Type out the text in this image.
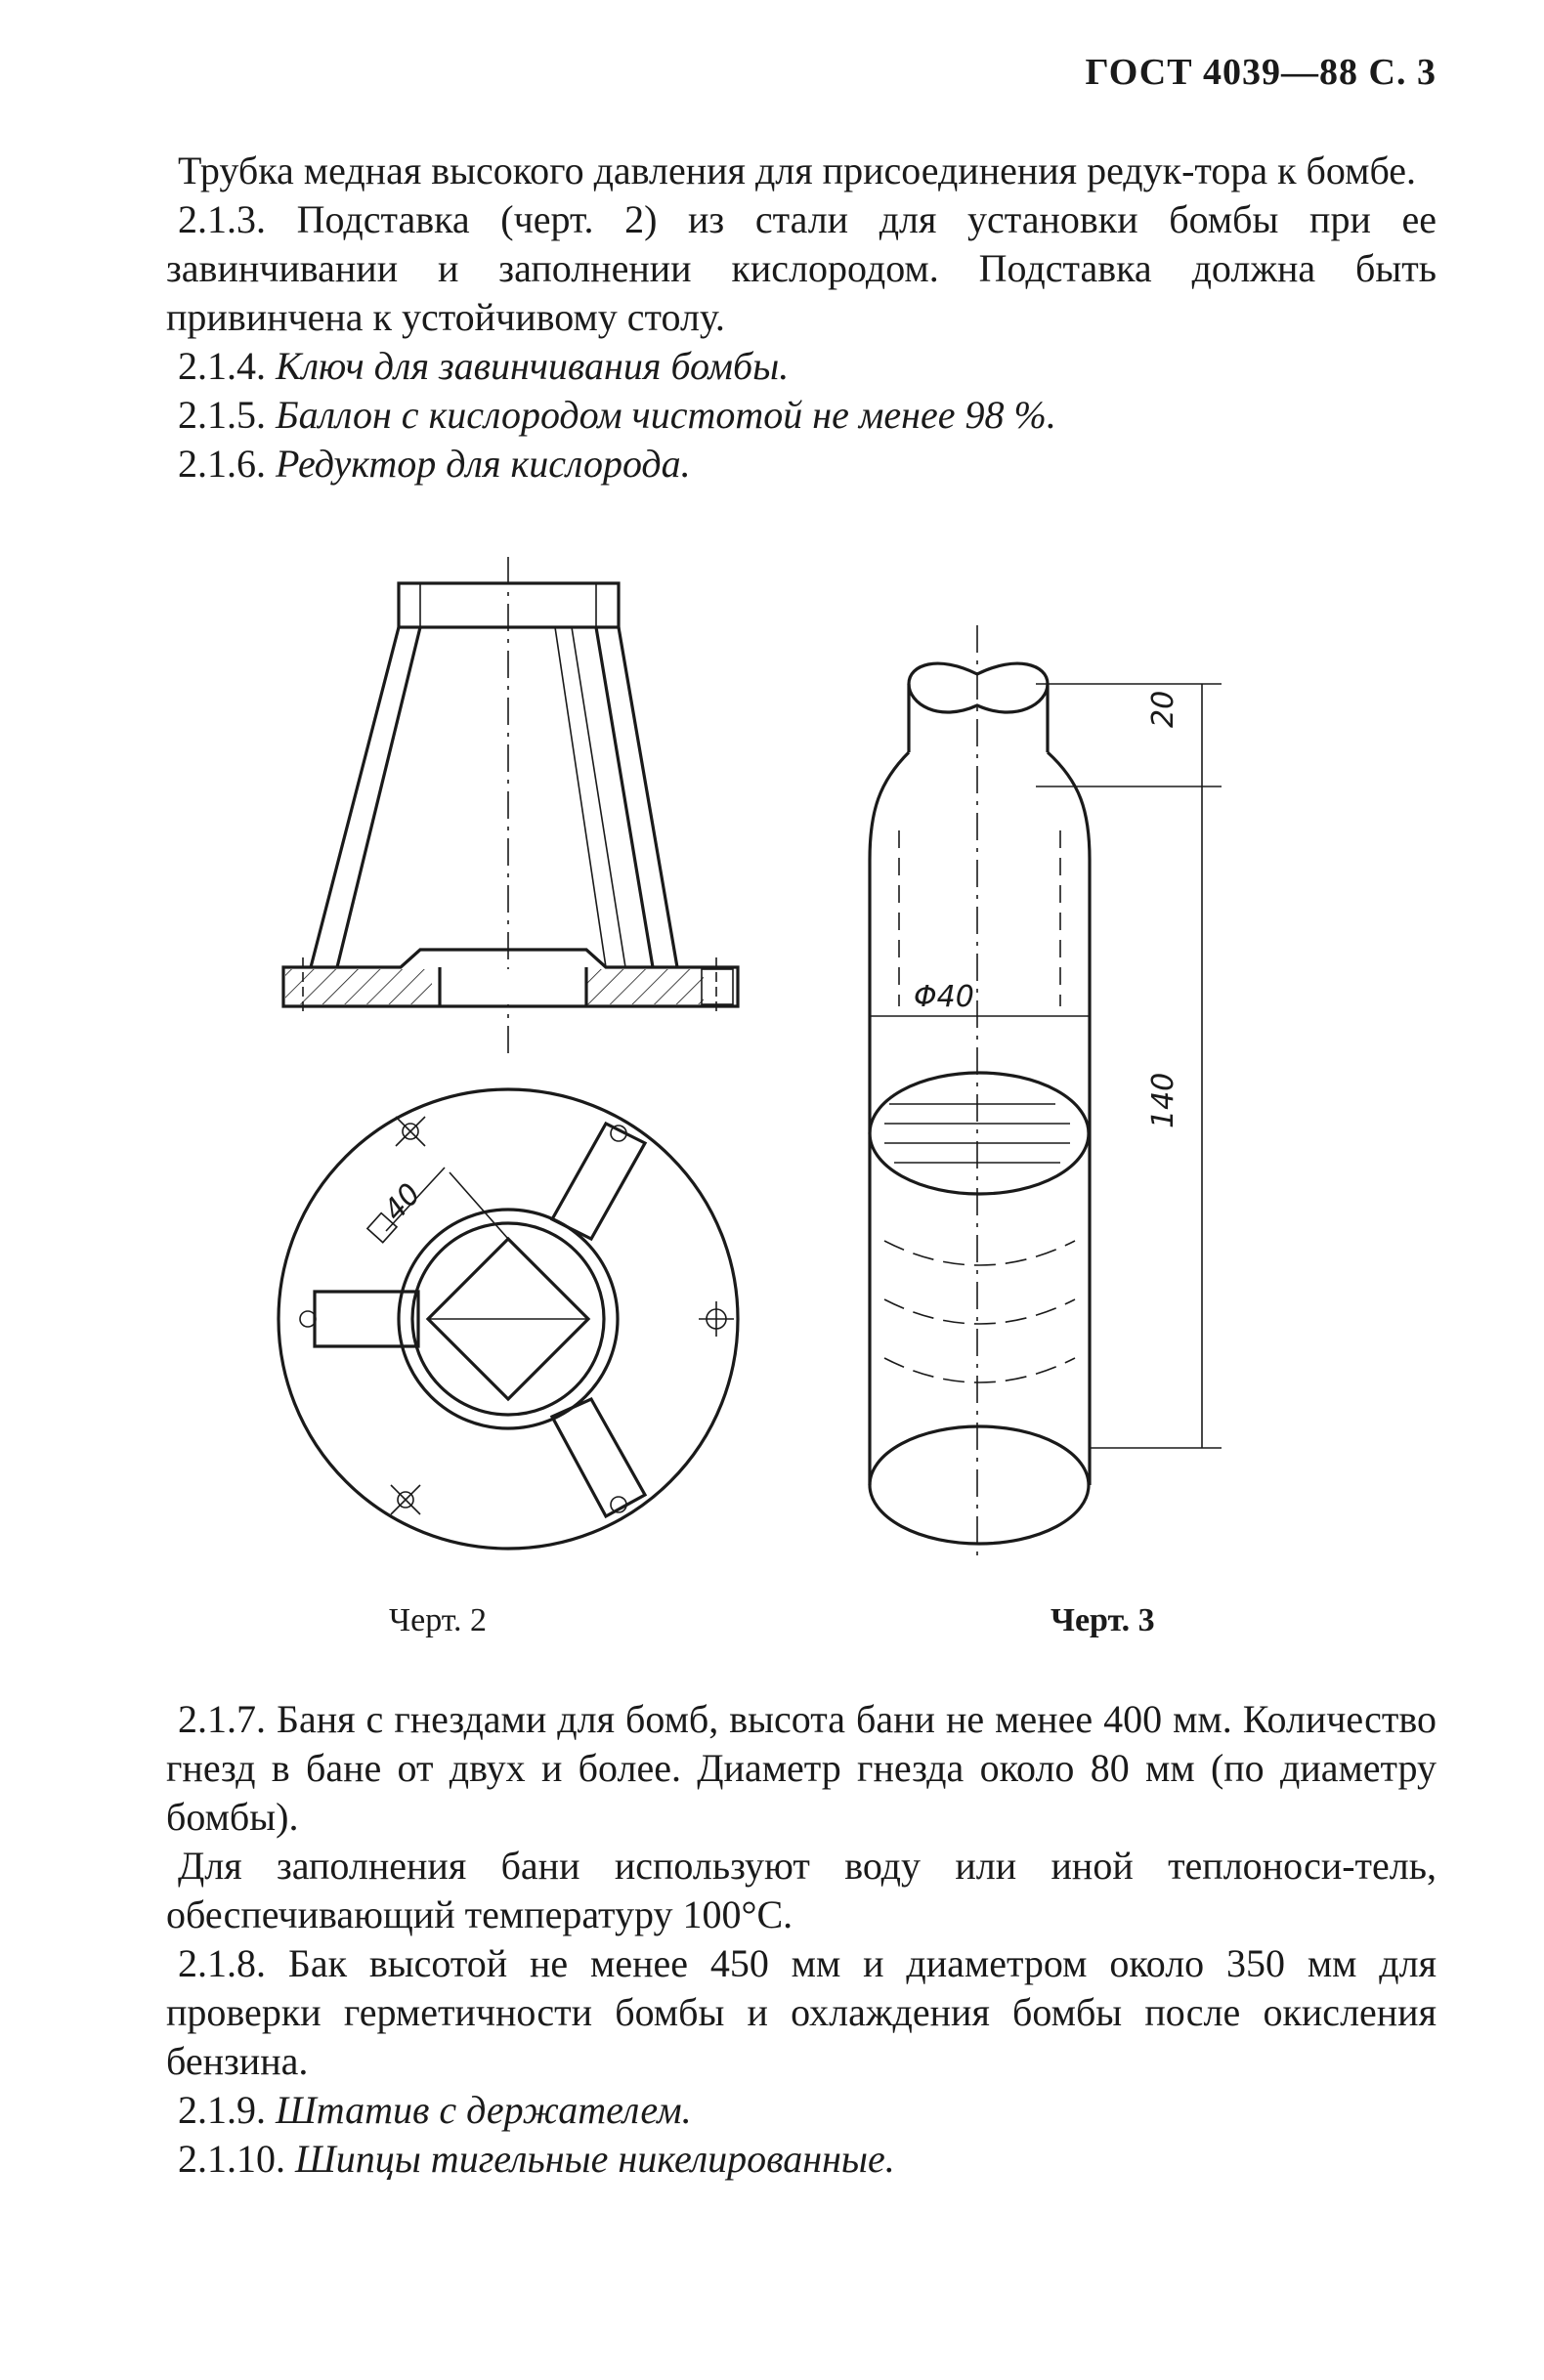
ГОСТ 4039—88 С. 3

Трубка медная высокого давления для присоединения редук-тора к бомбе.

2.1.3. Подставка (черт. 2) из стали для установки бомбы при ее завинчивании и заполнении кислородом. Подставка должна быть привинчена к устойчивому столу.

2.1.4. Ключ для завинчивания бомбы.

2.1.5. Баллон с кислородом чистотой не менее 98 %.

2.1.6. Редуктор для кислорода.

□40
Φ40
20
140
Черт. 2	Черт. 3

2.1.7. Баня с гнездами для бомб, высота бани не менее 400 мм. Количество гнезд в бане от двух и более. Диаметр гнезда около 80 мм (по диаметру бомбы).

Для заполнения бани используют воду или иной теплоноси-тель, обеспечивающий температуру 100°С.

2.1.8. Бак высотой не менее 450 мм и диаметром около 350 мм для проверки герметичности бомбы и охлаждения бомбы после окисления бензина.

2.1.9. Штатив с держателем.

2.1.10. Шипцы тигельные никелированные.
